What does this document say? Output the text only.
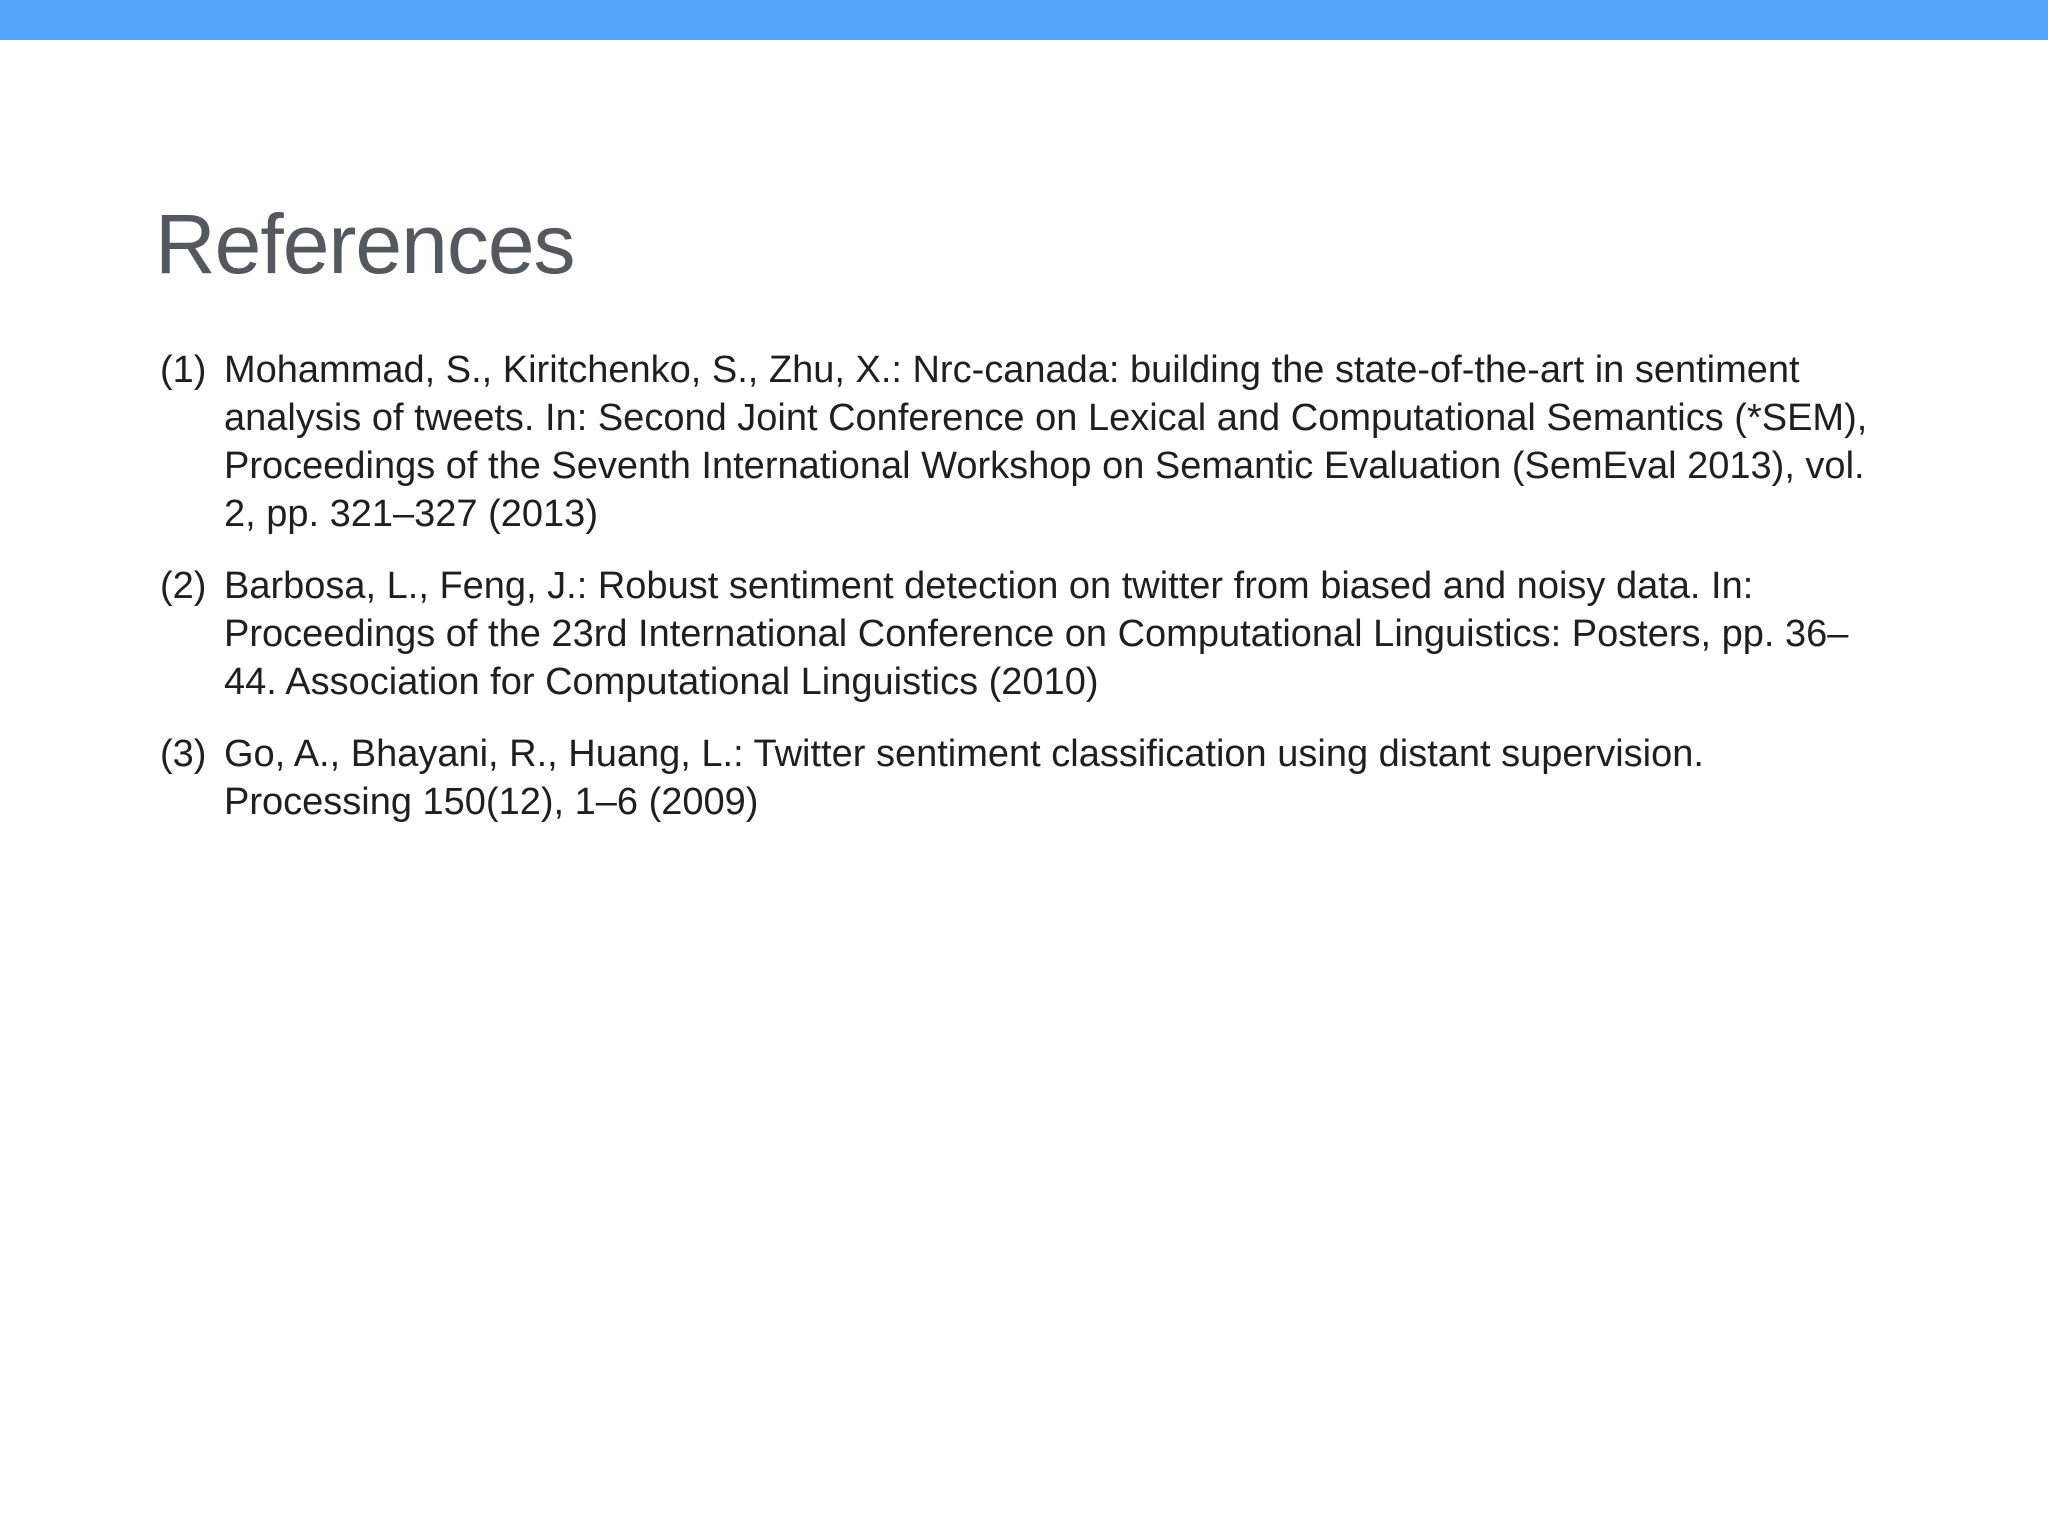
References
(1) Mohammad, S., Kiritchenko, S., Zhu, X.: Nrc-canada: building the state-of-the-art in sentiment analysis of tweets. In: Second Joint Conference on Lexical and Computational Semantics (*SEM), Proceedings of the Seventh International Workshop on Semantic Evaluation (SemEval 2013), vol. 2, pp. 321–327 (2013)
(2) Barbosa, L., Feng, J.: Robust sentiment detection on twitter from biased and noisy data. In: Proceedings of the 23rd International Conference on Computational Linguistics: Posters, pp. 36–44. Association for Computational Linguistics (2010)
(3) Go, A., Bhayani, R., Huang, L.: Twitter sentiment classification using distant supervision. Processing 150(12), 1–6 (2009)
